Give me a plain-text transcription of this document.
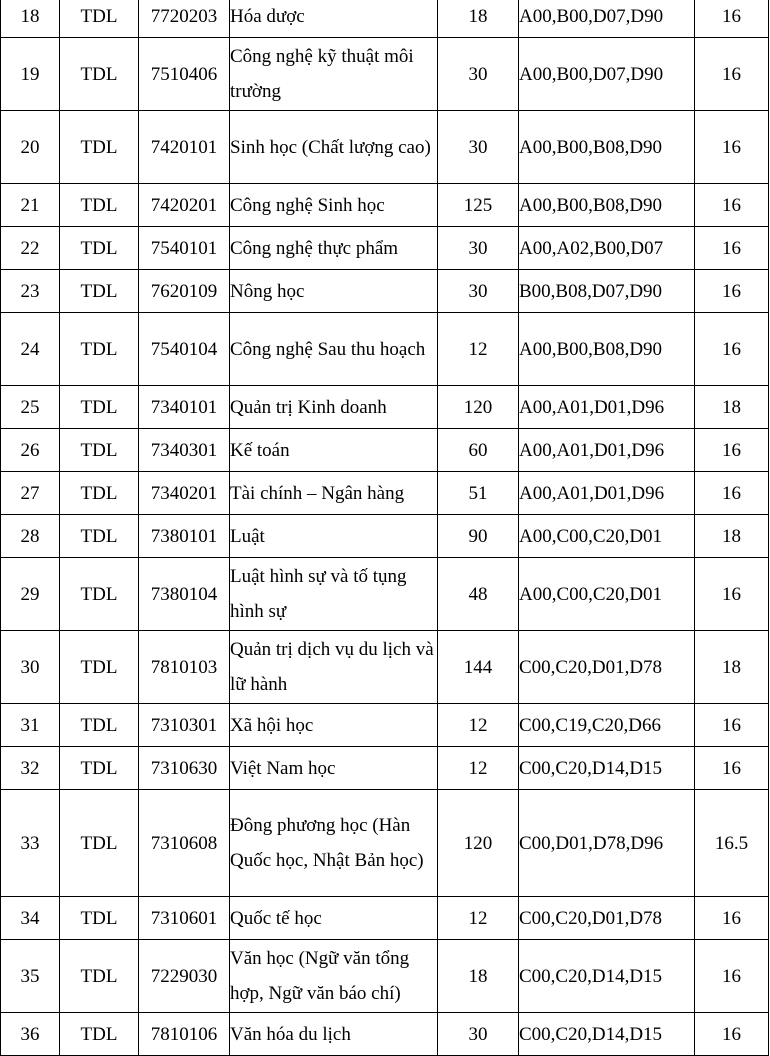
18	TDL	7720203	Hóa dược	18	A00,B00,D07,D90	16
19	TDL	7510406	Công nghệ kỹ thuật môi trường	30	A00,B00,D07,D90	16
20	TDL	7420101	Sinh học (Chất lượng cao)	30	A00,B00,B08,D90	16
21	TDL	7420201	Công nghệ Sinh học	125	A00,B00,B08,D90	16
22	TDL	7540101	Công nghệ thực phẩm	30	A00,A02,B00,D07	16
23	TDL	7620109	Nông học	30	B00,B08,D07,D90	16
24	TDL	7540104	Công nghệ Sau thu hoạch	12	A00,B00,B08,D90	16
25	TDL	7340101	Quản trị Kinh doanh	120	A00,A01,D01,D96	18
26	TDL	7340301	Kế toán	60	A00,A01,D01,D96	16
27	TDL	7340201	Tài chính – Ngân hàng	51	A00,A01,D01,D96	16
28	TDL	7380101	Luật	90	A00,C00,C20,D01	18
29	TDL	7380104	Luật hình sự và tố tụng hình sự	48	A00,C00,C20,D01	16
30	TDL	7810103	Quản trị dịch vụ du lịch và lữ hành	144	C00,C20,D01,D78	18
31	TDL	7310301	Xã hội học	12	C00,C19,C20,D66	16
32	TDL	7310630	Việt Nam học	12	C00,C20,D14,D15	16
33	TDL	7310608	Đông phương học (Hàn Quốc học, Nhật Bản học)	120	C00,D01,D78,D96	16.5
34	TDL	7310601	Quốc tế học	12	C00,C20,D01,D78	16
35	TDL	7229030	Văn học (Ngữ văn tổng hợp, Ngữ văn báo chí)	18	C00,C20,D14,D15	16
36	TDL	7810106	Văn hóa du lịch	30	C00,C20,D14,D15	16
